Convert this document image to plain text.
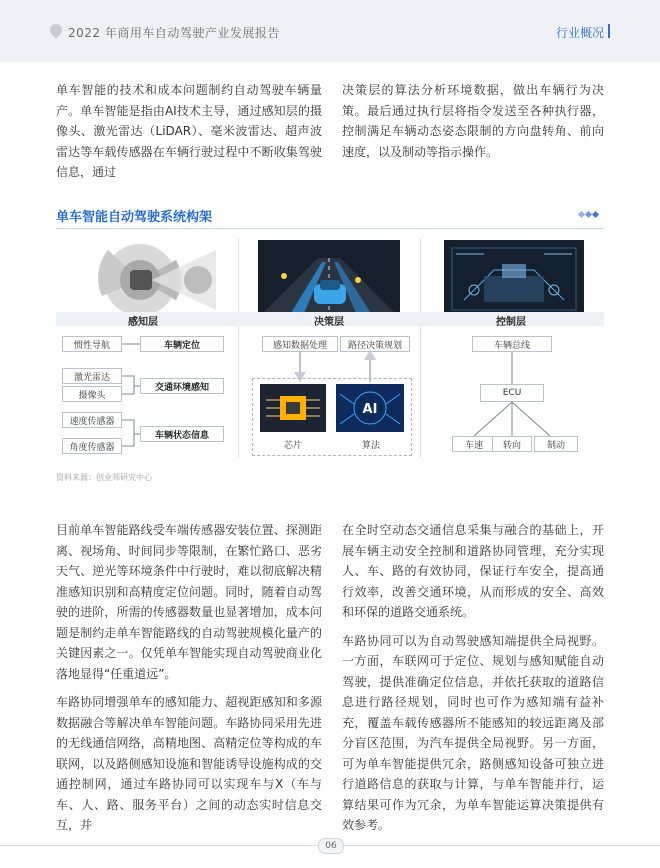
2022 年商用车自动驾驶产业发展报告	行业概况

单车智能的技术和成本问题制约自动驾驶车辆量产。单车智能是指由AI技术主导，通过感知层的摄像头、激光雷达（LiDAR）、毫米波雷达、超声波雷达等车载传感器在车辆行驶过程中不断收集驾驶信息，通过

决策层的算法分析环境数据，做出车辆行为决策。最后通过执行层将指令发送至各种执行器，控制满足车辆动态姿态限制的方向盘转角、前向速度，以及制动等指示操作。

单车智能自动驾驶系统构架
感知层	决策层	控制层
惯性导航
激光雷达
摄像头
速度传感器
角度传感器
车辆定位
交通环境感知
车辆状态信息
感知数据处理	路径决策规划
AI
芯片	算法
车辆总线
ECU
车速	转向	制动
资料来源：创业邦研究中心

目前单车智能路线受车端传感器安装位置、探测距离、视场角、时间同步等限制，在繁忙路口、恶劣天气、逆光等环境条件中行驶时，难以彻底解决精准感知识别和高精度定位问题。同时，随着自动驾驶的进阶，所需的传感器数量也显著增加，成本问题是制约走单车智能路线的自动驾驶规模化量产的关键因素之一。仅凭单车智能实现自动驾驶商业化落地显得“任重道远”。

车路协同增强单车的感知能力、超视距感知和多源数据融合等解决单车智能问题。车路协同采用先进的无线通信网络，高精地图、高精定位等构成的车联网，以及路侧感知设施和智能诱导设施构成的交通控制网，通过车路协同可以实现车与X（车与车、人、路、服务平台）之间的动态实时信息交互，并

在全时空动态交通信息采集与融合的基础上，开展车辆主动安全控制和道路协同管理，充分实现人、车、路的有效协同，保证行车安全，提高通行效率，改善交通环境，从而形成的安全、高效和环保的道路交通系统。

车路协同可以为自动驾驶感知端提供全局视野。一方面，车联网可于定位、规划与感知赋能自动驾驶，提供准确定位信息，并依托获取的道路信息进行路径规划，同时也可作为感知端有益补充，覆盖车载传感器所不能感知的较远距离及部分盲区范围，为汽车提供全局视野。另一方面，可为单车智能提供冗余，路侧感知设备可独立进行道路信息的获取与计算，与单车智能并行，运算结果可作为冗余，为单车智能运算决策提供有效参考。

06
